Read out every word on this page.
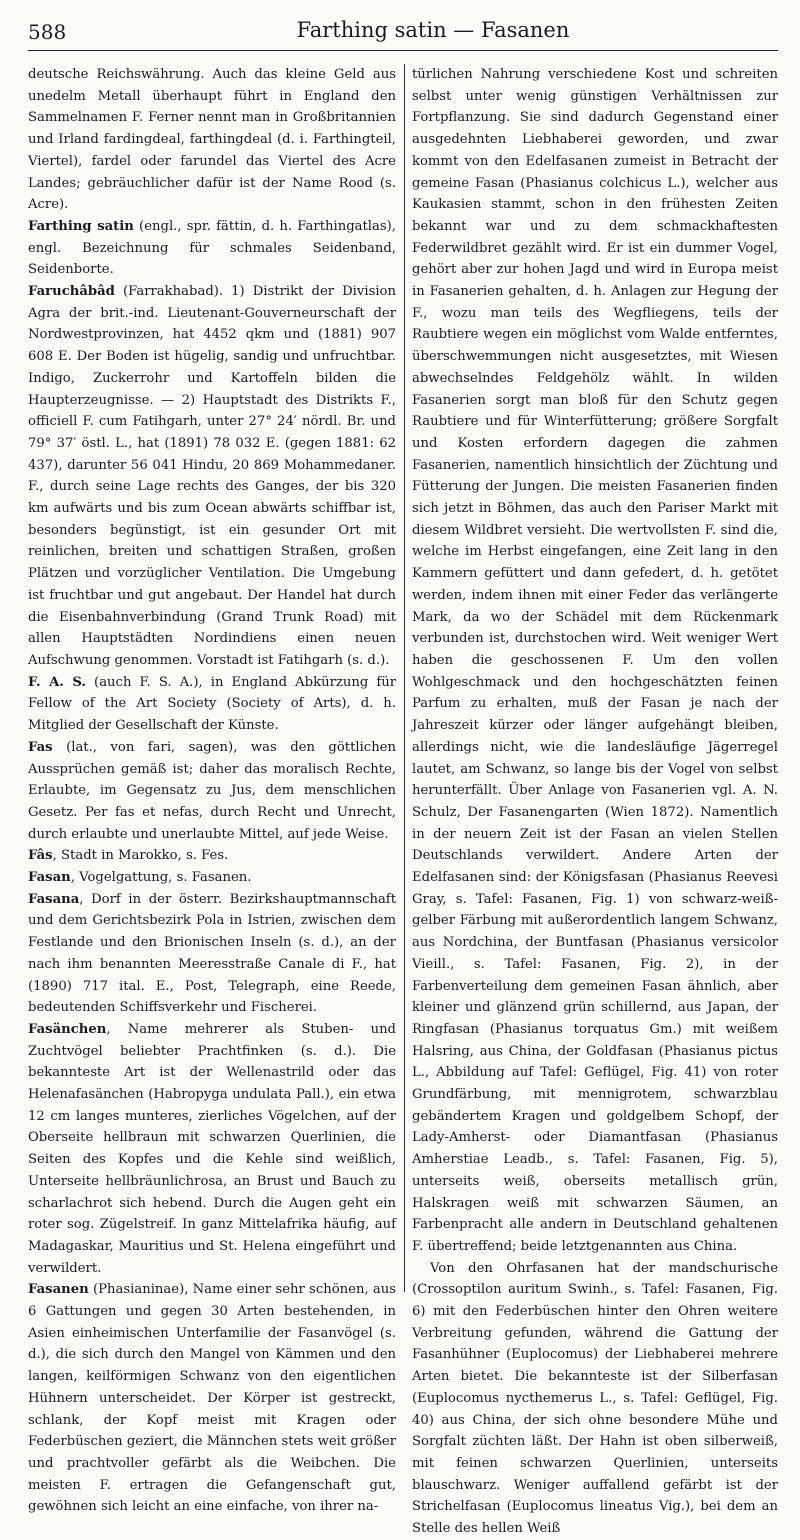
588	Farthing satin — Fasanen

deutsche Reichswährung. Auch das kleine Geld aus unedelm Metall überhaupt führt in England den Sammelnamen F. Ferner nennt man in Großbritannien und Irland fardingdeal, farthingdeal (d. i. Farthingteil, Viertel), fardel oder farundel das Viertel des Acre Landes; gebräuchlicher dafür ist der Name Rood (s. Acre).

Farthing satin (engl., spr. fättin, d. h. Farthingatlas), engl. Bezeichnung für schmales Seidenband, Seidenborte.

Faruchâbâd (Farrakhabad). 1) Distrikt der Division Agra der brit.-ind. Lieutenant-Gouverneurschaft der Nordwestprovinzen, hat 4452 qkm und (1881) 907 608 E. Der Boden ist hügelig, sandig und unfruchtbar. Indigo, Zuckerrohr und Kartoffeln bilden die Haupterzeugnisse. — 2) Hauptstadt des Distrikts F., officiell F. cum Fatihgarh, unter 27° 24′ nördl. Br. und 79° 37′ östl. L., hat (1891) 78 032 E. (gegen 1881: 62 437), darunter 56 041 Hindu, 20 869 Mohammedaner. F., durch seine Lage rechts des Ganges, der bis 320 km aufwärts und bis zum Ocean abwärts schiffbar ist, besonders begünstigt, ist ein gesunder Ort mit reinlichen, breiten und schattigen Straßen, großen Plätzen und vorzüglicher Ventilation. Die Umgebung ist fruchtbar und gut angebaut. Der Handel hat durch die Eisenbahnverbindung (Grand Trunk Road) mit allen Hauptstädten Nordindiens einen neuen Aufschwung genommen. Vorstadt ist Fatihgarh (s. d.).

F. A. S. (auch F. S. A.), in England Abkürzung für Fellow of the Art Society (Society of Arts), d. h. Mitglied der Gesellschaft der Künste.

Fas (lat., von fari, sagen), was den göttlichen Aussprüchen gemäß ist; daher das moralisch Rechte, Erlaubte, im Gegensatz zu Jus, dem menschlichen Gesetz. Per fas et nefas, durch Recht und Unrecht, durch erlaubte und unerlaubte Mittel, auf jede Weise.

Fâs, Stadt in Marokko, s. Fes.

Fasan, Vogelgattung, s. Fasanen.

Fasana, Dorf in der österr. Bezirkshauptmannschaft und dem Gerichtsbezirk Pola in Istrien, zwischen dem Festlande und den Brionischen Inseln (s. d.), an der nach ihm benannten Meeresstraße Canale di F., hat (1890) 717 ital. E., Post, Telegraph, eine Reede, bedeutenden Schiffsverkehr und Fischerei.

Fasänchen, Name mehrerer als Stuben- und Zuchtvögel beliebter Prachtfinken (s. d.). Die bekannteste Art ist der Wellenastrild oder das Helenafasänchen (Habropyga undulata Pall.), ein etwa 12 cm langes munteres, zierliches Vögelchen, auf der Oberseite hellbraun mit schwarzen Querlinien, die Seiten des Kopfes und die Kehle sind weißlich, Unterseite hellbräunlichrosa, an Brust und Bauch zu scharlachrot sich hebend. Durch die Augen geht ein roter sog. Zügelstreif. In ganz Mittelafrika häufig, auf Madagaskar, Mauritius und St. Helena eingeführt und verwildert.

Fasanen (Phasianinae), Name einer sehr schönen, aus 6 Gattungen und gegen 30 Arten bestehenden, in Asien einheimischen Unterfamilie der Fasanvögel (s. d.), die sich durch den Mangel von Kämmen und den langen, keilförmigen Schwanz von den eigentlichen Hühnern unterscheidet. Der Körper ist gestreckt, schlank, der Kopf meist mit Kragen oder Federbüschen geziert, die Männchen stets weit größer und prachtvoller gefärbt als die Weibchen. Die meisten F. ertragen die Gefangenschaft gut, gewöhnen sich leicht an eine einfache, von ihrer na-

türlichen Nahrung verschiedene Kost und schreiten selbst unter wenig günstigen Verhältnissen zur Fortpflanzung. Sie sind dadurch Gegenstand einer ausgedehnten Liebhaberei geworden, und zwar kommt von den Edelfasanen zumeist in Betracht der gemeine Fasan (Phasianus colchicus L.), welcher aus Kaukasien stammt, schon in den frühesten Zeiten bekannt war und zu dem schmackhaftesten Federwildbret gezählt wird. Er ist ein dummer Vogel, gehört aber zur hohen Jagd und wird in Europa meist in Fasanerien gehalten, d. h. Anlagen zur Hegung der F., wozu man teils des Wegfliegens, teils der Raubtiere wegen ein möglichst vom Walde entferntes, überschwemmungen nicht ausgesetztes, mit Wiesen abwechselndes Feldgehölz wählt. In wilden Fasanerien sorgt man bloß für den Schutz gegen Raubtiere und für Winterfütterung; größere Sorgfalt und Kosten erfordern dagegen die zahmen Fasanerien, namentlich hinsichtlich der Züchtung und Fütterung der Jungen. Die meisten Fasanerien finden sich jetzt in Böhmen, das auch den Pariser Markt mit diesem Wildbret versieht. Die wertvollsten F. sind die, welche im Herbst eingefangen, eine Zeit lang in den Kammern gefüttert und dann gefedert, d. h. getötet werden, indem ihnen mit einer Feder das verlängerte Mark, da wo der Schädel mit dem Rückenmark verbunden ist, durchstochen wird. Weit weniger Wert haben die geschossenen F. Um den vollen Wohlgeschmack und den hochgeschätzten feinen Parfum zu erhalten, muß der Fasan je nach der Jahreszeit kürzer oder länger aufgehängt bleiben, allerdings nicht, wie die landesläufige Jägerregel lautet, am Schwanz, so lange bis der Vogel von selbst herunterfällt. Über Anlage von Fasanerien vgl. A. N. Schulz, Der Fasanengarten (Wien 1872). Namentlich in der neuern Zeit ist der Fasan an vielen Stellen Deutschlands verwildert. Andere Arten der Edelfasanen sind: der Königsfasan (Phasianus Reevesi Gray, s. Tafel: Fasanen, Fig. 1) von schwarz-weiß-gelber Färbung mit außerordentlich langem Schwanz, aus Nordchina, der Buntfasan (Phasianus versicolor Vieill., s. Tafel: Fasanen, Fig. 2), in der Farbenverteilung dem gemeinen Fasan ähnlich, aber kleiner und glänzend grün schillernd, aus Japan, der Ringfasan (Phasianus torquatus Gm.) mit weißem Halsring, aus China, der Goldfasan (Phasianus pictus L., Abbildung auf Tafel: Geflügel, Fig. 41) von roter Grundfärbung, mit mennigrotem, schwarzblau gebändertem Kragen und goldgelbem Schopf, der Lady-Amherst- oder Diamantfasan (Phasianus Amherstiae Leadb., s. Tafel: Fasanen, Fig. 5), unterseits weiß, oberseits metallisch grün, Halskragen weiß mit schwarzen Säumen, an Farbenpracht alle andern in Deutschland gehaltenen F. übertreffend; beide letztgenannten aus China.

Von den Ohrfasanen hat der mandschurische (Crossoptilon auritum Swinh., s. Tafel: Fasanen, Fig. 6) mit den Federbüschen hinter den Ohren weitere Verbreitung gefunden, während die Gattung der Fasanhühner (Euplocomus) der Liebhaberei mehrere Arten bietet. Die bekannteste ist der Silberfasan (Euplocomus nycthemerus L., s. Tafel: Geflügel, Fig. 40) aus China, der sich ohne besondere Mühe und Sorgfalt züchten läßt. Der Hahn ist oben silberweiß, mit feinen schwarzen Querlinien, unterseits blauschwarz. Weniger auffallend gefärbt ist der Strichelfasan (Euplocomus lineatus Vig.), bei dem an Stelle des hellen Weiß
